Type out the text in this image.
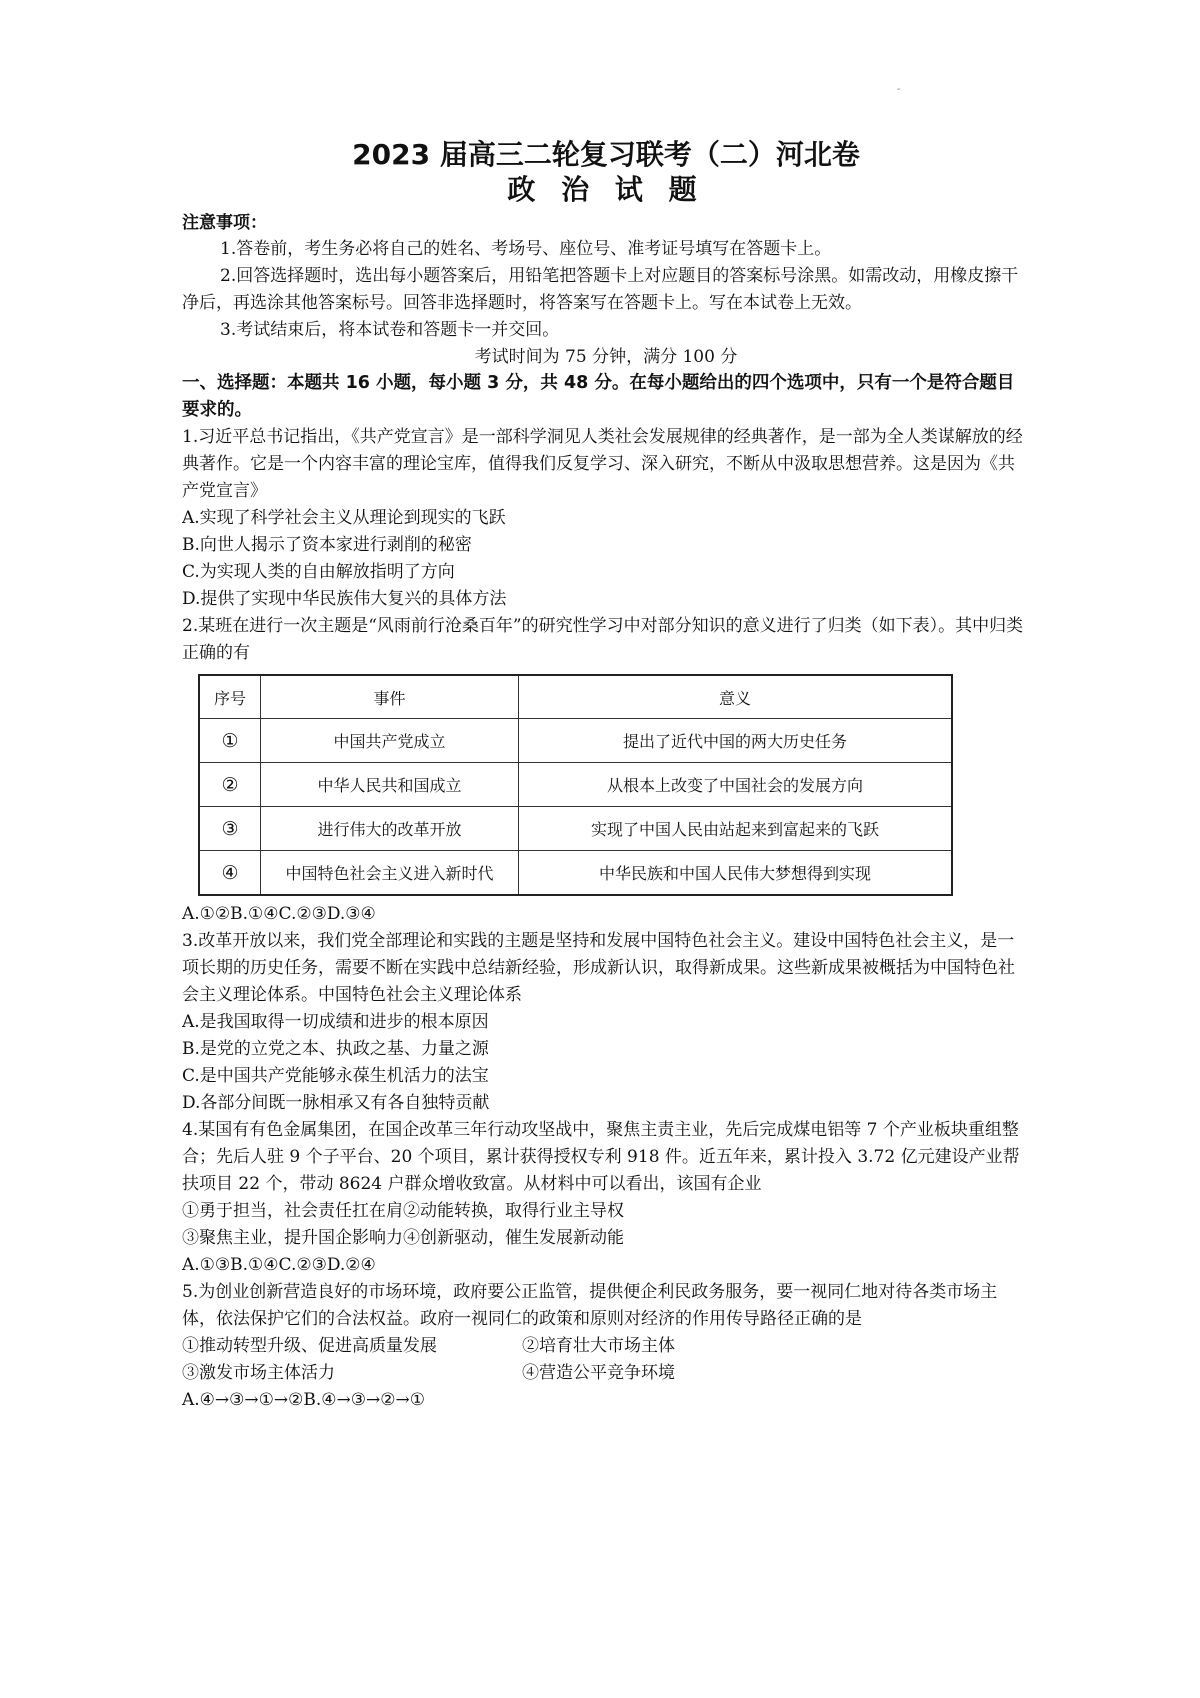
-
2023 届高三二轮复习联考（二）河北卷
政 治 试 题
注意事项：

1.答卷前，考生务必将自己的姓名、考场号、座位号、准考证号填写在答题卡上。

2.回答选择题时，选出每小题答案后，用铅笔把答题卡上对应题目的答案标号涂黑。如需改动，用橡皮擦干净后，再选涂其他答案标号。回答非选择题时，将答案写在答题卡上。写在本试卷上无效。

3.考试结束后，将本试卷和答题卡一并交回。

考试时间为 75 分钟，满分 100 分

一、选择题：本题共 16 小题，每小题 3 分，共 48 分。在每小题给出的四个选项中，只有一个是符合题目要求的。

1.习近平总书记指出，《共产党宣言》是一部科学洞见人类社会发展规律的经典著作，是一部为全人类谋解放的经典著作。它是一个内容丰富的理论宝库，值得我们反复学习、深入研究，不断从中汲取思想营养。这是因为《共产党宣言》

A.实现了科学社会主义从理论到现实的飞跃

B.向世人揭示了资本家进行剥削的秘密

C.为实现人类的自由解放指明了方向

D.提供了实现中华民族伟大复兴的具体方法

2.某班在进行一次主题是“风雨前行沧桑百年”的研究性学习中对部分知识的意义进行了归类（如下表）。其中归类正确的有

序号	事件	意义
①	中国共产党成立	提出了近代中国的两大历史任务
②	中华人民共和国成立	从根本上改变了中国社会的发展方向
③	进行伟大的改革开放	实现了中国人民由站起来到富起来的飞跃
④	中国特色社会主义进入新时代	中华民族和中国人民伟大梦想得到实现

A.①②B.①④C.②③D.③④

3.改革开放以来，我们党全部理论和实践的主题是坚持和发展中国特色社会主义。建设中国特色社会主义，是一项长期的历史任务，需要不断在实践中总结新经验，形成新认识，取得新成果。这些新成果被概括为中国特色社会主义理论体系。中国特色社会主义理论体系

A.是我国取得一切成绩和进步的根本原因

B.是党的立党之本、执政之基、力量之源

C.是中国共产党能够永葆生机活力的法宝

D.各部分间既一脉相承又有各自独特贡献

4.某国有有色金属集团，在国企改革三年行动攻坚战中，聚焦主责主业，先后完成煤电铝等 7 个产业板块重组整合；先后人驻 9 个子平台、20 个项目，累计获得授权专利 918 件。近五年来，累计投入 3.72 亿元建设产业帮扶项目 22 个，带动 8624 户群众增收致富。从材料中可以看出，该国有企业

①勇于担当，社会责任扛在肩②动能转换，取得行业主导权

③聚焦主业，提升国企影响力④创新驱动，催生发展新动能

A.①③B.①④C.②③D.②④

5.为创业创新营造良好的市场环境，政府要公正监管，提供便企利民政务服务，要一视同仁地对待各类市场主体，依法保护它们的合法权益。政府一视同仁的政策和原则对经济的作用传导路径正确的是

①推动转型升级、促进高质量发展	②培育壮大市场主体
③激发市场主体活力	④营造公平竞争环境

A.④→③→①→②B.④→③→②→①
